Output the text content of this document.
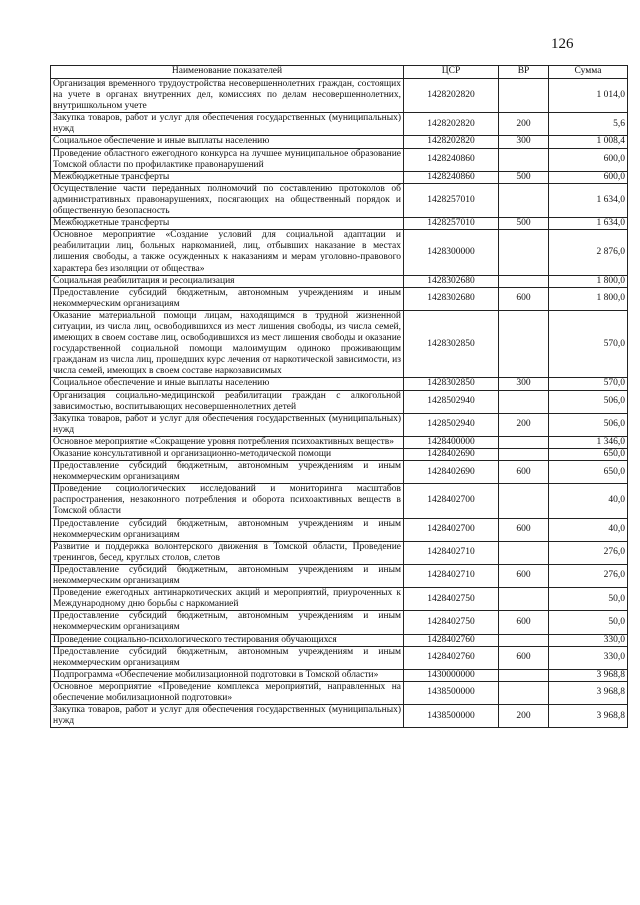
126
Наименование показателей	ЦСР	ВР	Сумма
Организация временного трудоустройства несовершеннолетних граждан, состоящих на учете в органах внутренних дел, комиссиях по делам несовершеннолетних, внутришкольном учете	1428202820		1 014,0
Закупка товаров, работ и услуг для обеспечения государственных (муниципальных) нужд	1428202820	200	5,6
Социальное обеспечение и иные выплаты населению	1428202820	300	1 008,4
Проведение областного ежегодного конкурса на лучшее муниципальное образование Томской области по профилактике правонарушений	1428240860		600,0
Межбюджетные трансферты	1428240860	500	600,0
Осуществление части переданных полномочий по составлению протоколов об административных правонарушениях, посягающих на общественный порядок и общественную безопасность	1428257010		1 634,0
Межбюджетные трансферты	1428257010	500	1 634,0
Основное мероприятие «Создание условий для социальной адаптации и реабилитации лиц, больных наркоманией, лиц, отбывших наказание в местах лишения свободы, а также осужденных к наказаниям и мерам уголовно-правового характера без изоляции от общества»	1428300000		2 876,0
Социальная реабилитация и ресоциализация	1428302680		1 800,0
Предоставление субсидий бюджетным, автономным учреждениям и иным некоммерческим организациям	1428302680	600	1 800,0
Оказание материальной помощи лицам, находящимся в трудной жизненной ситуации, из числа лиц, освободившихся из мест лишения свободы, из числа семей, имеющих в своем составе лиц, освободившихся из мест лишения свободы и оказание государственной социальной помощи малоимущим одиноко проживающим гражданам из числа лиц, прошедших курс лечения от наркотической зависимости, из числа семей, имеющих в своем составе наркозависимых	1428302850		570,0
Социальное обеспечение и иные выплаты населению	1428302850	300	570,0
Организация социально-медицинской реабилитации граждан с алкогольной зависимостью, воспитывающих несовершеннолетних детей	1428502940		506,0
Закупка товаров, работ и услуг для обеспечения государственных (муниципальных) нужд	1428502940	200	506,0
Основное мероприятие «Сокращение уровня потребления психоактивных веществ»	1428400000		1 346,0
Оказание консультативной и организационно-методической помощи	1428402690		650,0
Предоставление субсидий бюджетным, автономным учреждениям и иным некоммерческим организациям	1428402690	600	650,0
Проведение социологических исследований и мониторинга масштабов распространения, незаконного потребления и оборота психоактивных веществ в Томской области	1428402700		40,0
Предоставление субсидий бюджетным, автономным учреждениям и иным некоммерческим организациям	1428402700	600	40,0
Развитие и поддержка волонтерского движения в Томской области, Проведение тренингов, бесед, круглых столов, слетов	1428402710		276,0
Предоставление субсидий бюджетным, автономным учреждениям и иным некоммерческим организациям	1428402710	600	276,0
Проведение ежегодных антинаркотических акций и мероприятий, приуроченных к Международному дню борьбы с наркоманией	1428402750		50,0
Предоставление субсидий бюджетным, автономным учреждениям и иным некоммерческим организациям	1428402750	600	50,0
Проведение социально-психологического тестирования обучающихся	1428402760		330,0
Предоставление субсидий бюджетным, автономным учреждениям и иным некоммерческим организациям	1428402760	600	330,0
Подпрограмма «Обеспечение мобилизационной подготовки в Томской области»	1430000000		3 968,8
Основное мероприятие «Проведение комплекса мероприятий, направленных на обеспечение мобилизационной подготовки»	1438500000		3 968,8
Закупка товаров, работ и услуг для обеспечения государственных (муниципальных) нужд	1438500000	200	3 968,8
